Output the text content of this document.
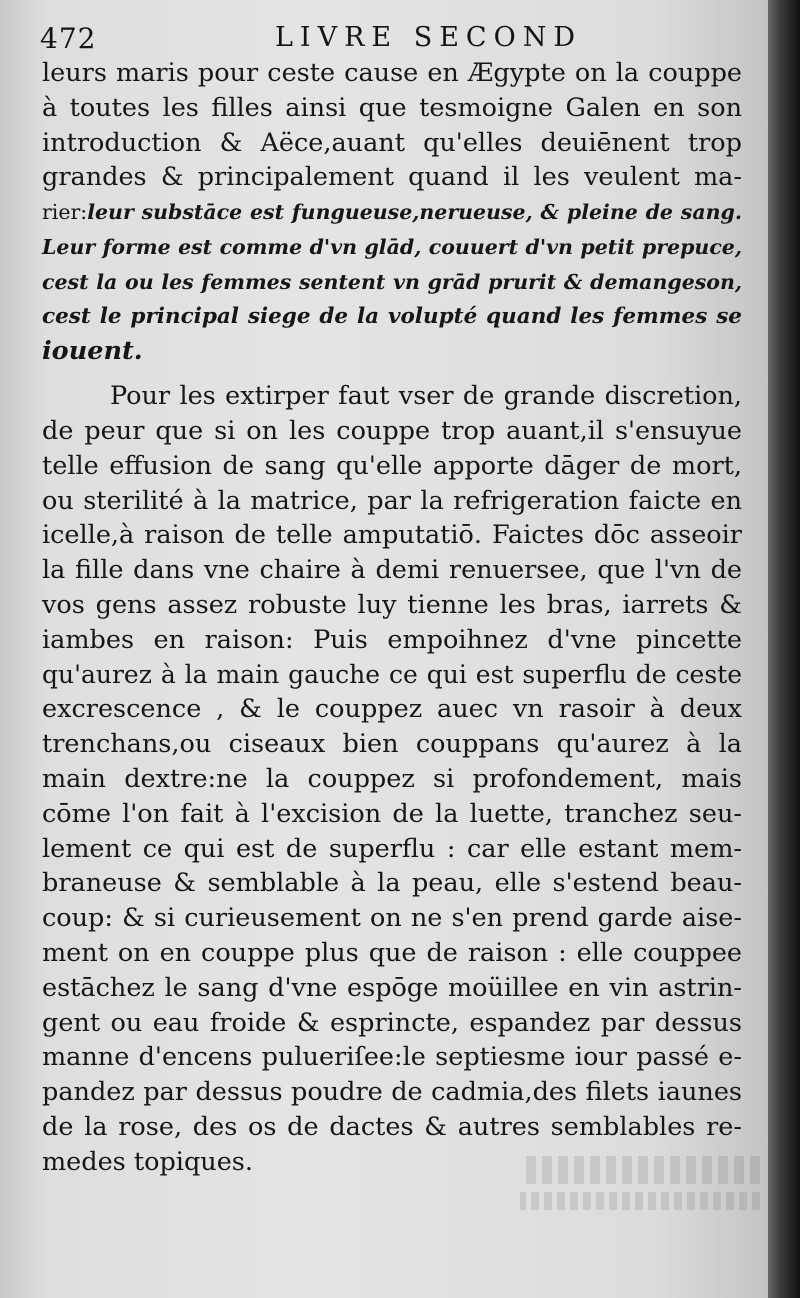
472	LIVRE SECOND
leurs maris pour ceste cause en Ægypte on la couppe
à toutes les filles ainsi que tesmoigne Galen en son
introduction & Aëce,auant qu'elles deuiēnent trop
grandes & principalement quand il les veulent ma-
rier:leur substāce est fungueuse,nerueuse, & pleine de sang.
Leur forme est comme d'vn glād, couuert d'vn petit prepuce,
cest la ou les femmes sentent vn grād prurit & demangeson,
cest le principal siege de la volupté quand les femmes se
iouent.
Pour les extirper faut vser de grande discretion,
de peur que si on les couppe trop auant,il s'ensuyue
telle effusion de sang qu'elle apporte dāger de mort,
ou sterilité à la matrice, par la refrigeration faicte en
icelle,à raison de telle amputatiō. Faictes dōc asseoir
la fille dans vne chaire à demi renuersee, que l'vn de
vos gens assez robuste luy tienne les bras, iarrets &
iambes en raison: Puis empoihnez d'vne pincette
qu'aurez à la main gauche ce qui est superflu de ceste
excrescence , & le couppez auec vn rasoir à deux
trenchans,ou ciseaux bien couppans qu'aurez à la
main dextre:ne la couppez si profondement, mais
cōme l'on fait à l'excision de la luette, tranchez seu-
lement ce qui est de superflu : car elle estant mem-
braneuse & semblable à la peau, elle s'estend beau-
coup: & si curieusement on ne s'en prend garde aise-
ment on en couppe plus que de raison : elle couppee
estāchez le sang d'vne espōge moüillee en vin astrin-
gent ou eau froide & esprincte, espandez par dessus
manne d'encens pulueriſee:le septiesme iour passé e-
pandez par dessus poudre de cadmia,des filets iaunes
de la rose, des os de dactes & autres semblables re-
medes topiques.
